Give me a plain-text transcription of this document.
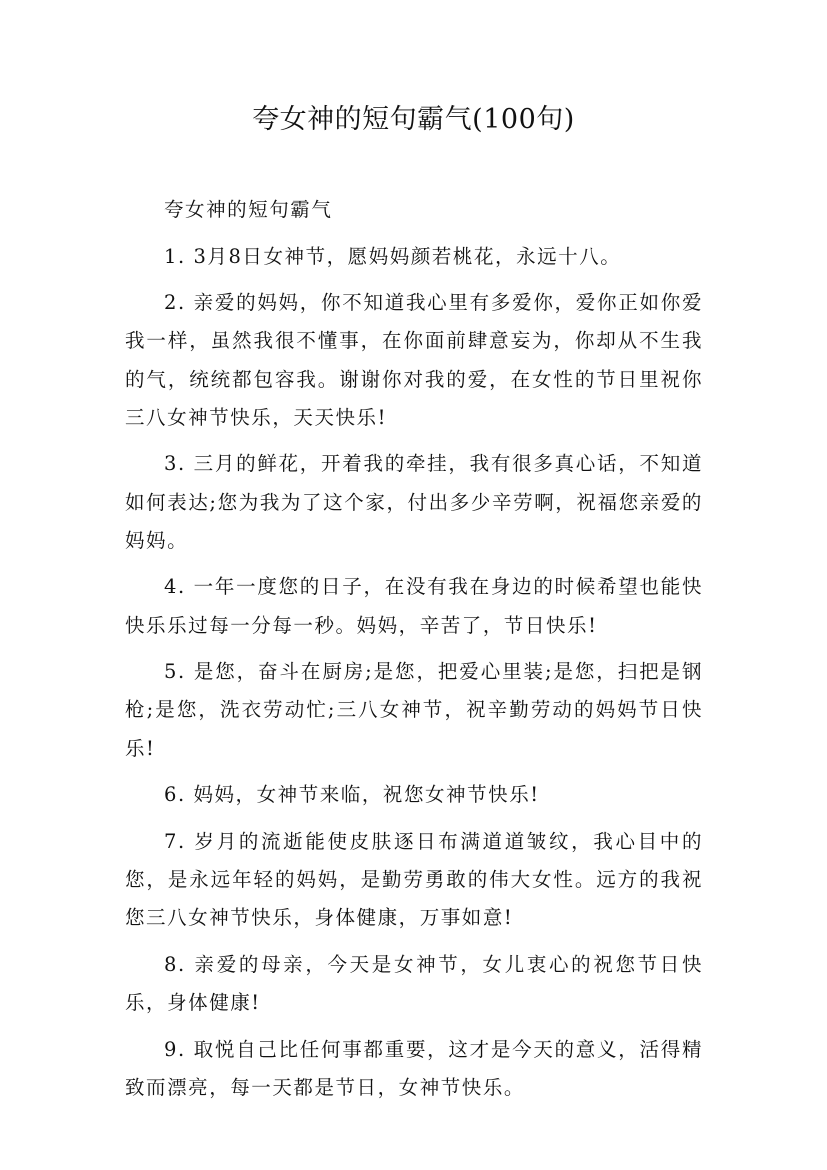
夸女神的短句霸气(100句)

夸女神的短句霸气

1. 3月8日女神节，愿妈妈颜若桃花，永远十八。

2. 亲爱的妈妈，你不知道我心里有多爱你，爱你正如你爱我一样，虽然我很不懂事，在你面前肆意妄为，你却从不生我的气，统统都包容我。谢谢你对我的爱，在女性的节日里祝你三八女神节快乐，天天快乐!

3. 三月的鲜花，开着我的牵挂，我有很多真心话，不知道如何表达;您为我为了这个家，付出多少辛劳啊，祝福您亲爱的妈妈。

4. 一年一度您的日子，在没有我在身边的时候希望也能快快乐乐过每一分每一秒。妈妈，辛苦了，节日快乐!

5. 是您，奋斗在厨房;是您，把爱心里装;是您，扫把是钢枪;是您，洗衣劳动忙;三八女神节，祝辛勤劳动的妈妈节日快乐!

6. 妈妈，女神节来临，祝您女神节快乐!

7. 岁月的流逝能使皮肤逐日布满道道皱纹，我心目中的您，是永远年轻的妈妈，是勤劳勇敢的伟大女性。远方的我祝您三八女神节快乐，身体健康，万事如意!

8. 亲爱的母亲，今天是女神节，女儿衷心的祝您节日快乐，身体健康!

9. 取悦自己比任何事都重要，这才是今天的意义，活得精致而漂亮，每一天都是节日，女神节快乐。
